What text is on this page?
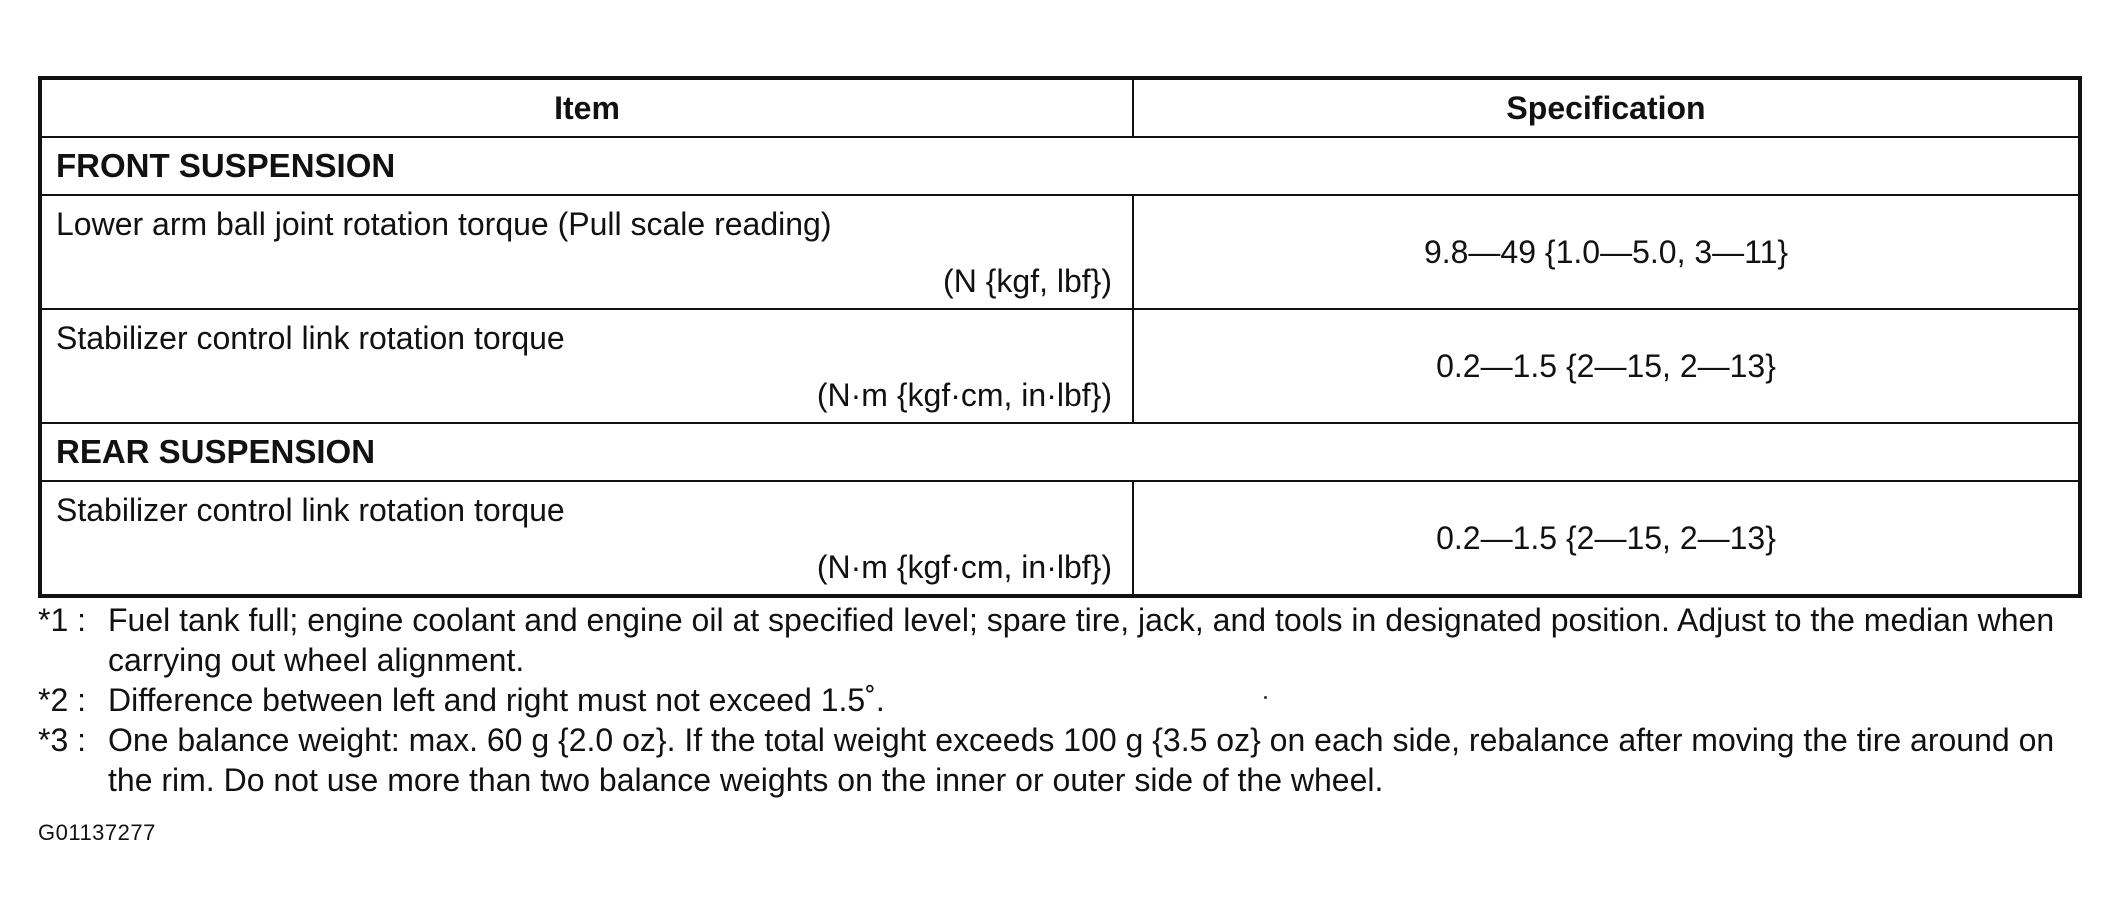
Item	Specification
FRONT SUSPENSION	

Lower arm ball joint rotation torque (Pull scale reading)
(N {kgf, lbf})	9.8—49 {1.0—5.0, 3—11}

Stabilizer control link rotation torque
(N·m {kgf·cm, in·lbf})	0.2—1.5 {2—15, 2—13}
REAR SUSPENSION	

Stabilizer control link rotation torque
(N·m {kgf·cm, in·lbf})	0.2—1.5 {2—15, 2—13}
*1 : Fuel tank full; engine coolant and engine oil at specified level; spare tire, jack, and tools in designated position. Adjust to the median when carrying out wheel alignment.
*2 : Difference between left and right must not exceed 1.5˚.
*3 : One balance weight: max. 60 g {2.0 oz}. If the total weight exceeds 100 g {3.5 oz} on each side, rebalance after moving the tire around on the rim. Do not use more than two balance weights on the inner or outer side of the wheel.
G01137277
